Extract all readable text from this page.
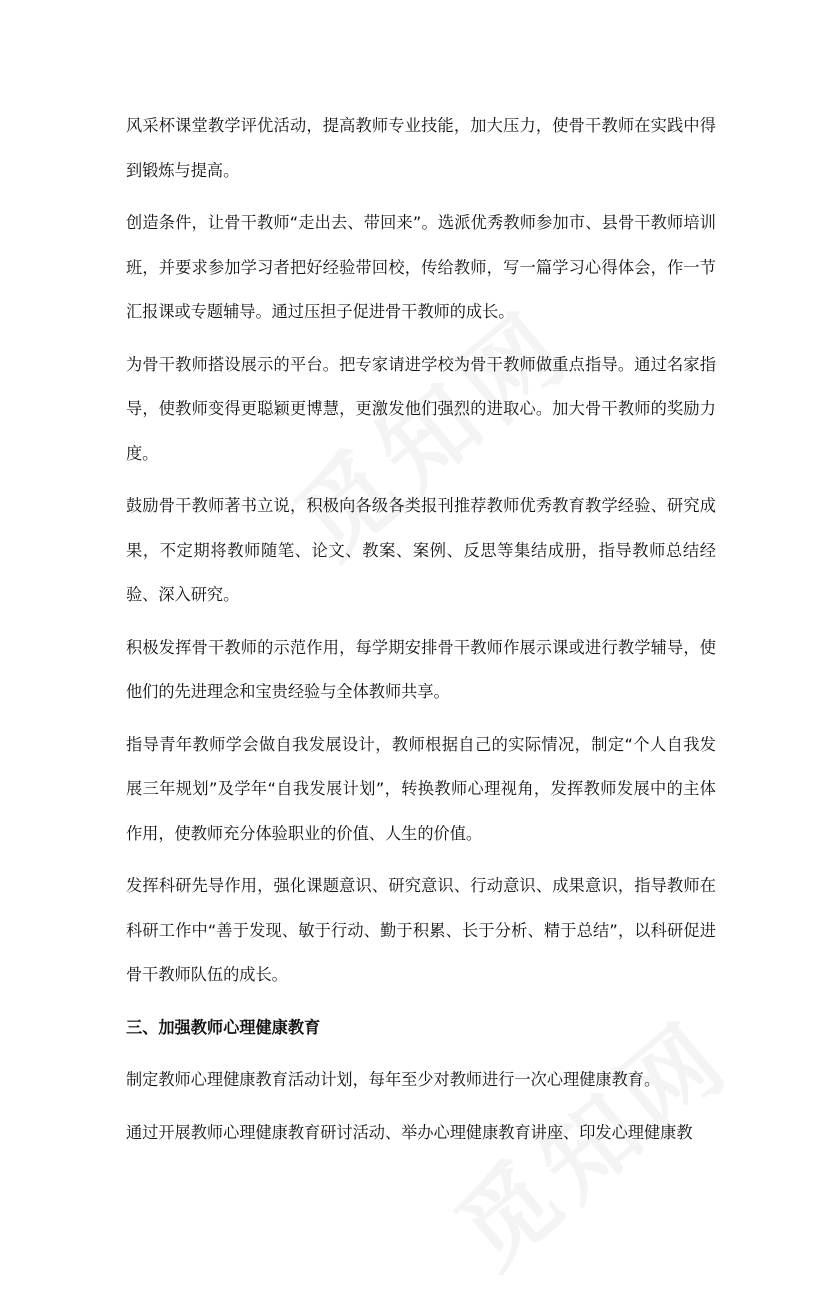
风采杯课堂教学评优活动，提高教师专业技能，加大压力，使骨干教师在实践中得到锻炼与提高。

创造条件，让骨干教师“走出去、带回来”。选派优秀教师参加市、县骨干教师培训班，并要求参加学习者把好经验带回校，传给教师，写一篇学习心得体会，作一节汇报课或专题辅导。通过压担子促进骨干教师的成长。

为骨干教师搭设展示的平台。把专家请进学校为骨干教师做重点指导。通过名家指导，使教师变得更聪颖更博慧，更激发他们强烈的进取心。加大骨干教师的奖励力度。

鼓励骨干教师著书立说，积极向各级各类报刊推荐教师优秀教育教学经验、研究成果，不定期将教师随笔、论文、教案、案例、反思等集结成册，指导教师总结经验、深入研究。

积极发挥骨干教师的示范作用，每学期安排骨干教师作展示课或进行教学辅导，使他们的先进理念和宝贵经验与全体教师共享。

指导青年教师学会做自我发展设计，教师根据自己的实际情况，制定“个人自我发展三年规划”及学年“自我发展计划”，转换教师心理视角，发挥教师发展中的主体作用，使教师充分体验职业的价值、人生的价值。

发挥科研先导作用，强化课题意识、研究意识、行动意识、成果意识，指导教师在科研工作中“善于发现、敏于行动、勤于积累、长于分析、精于总结”，以科研促进骨干教师队伍的成长。

三、加强教师心理健康教育

制定教师心理健康教育活动计划，每年至少对教师进行一次心理健康教育。

通过开展教师心理健康教育研讨活动、举办心理健康教育讲座、印发心理健康教
